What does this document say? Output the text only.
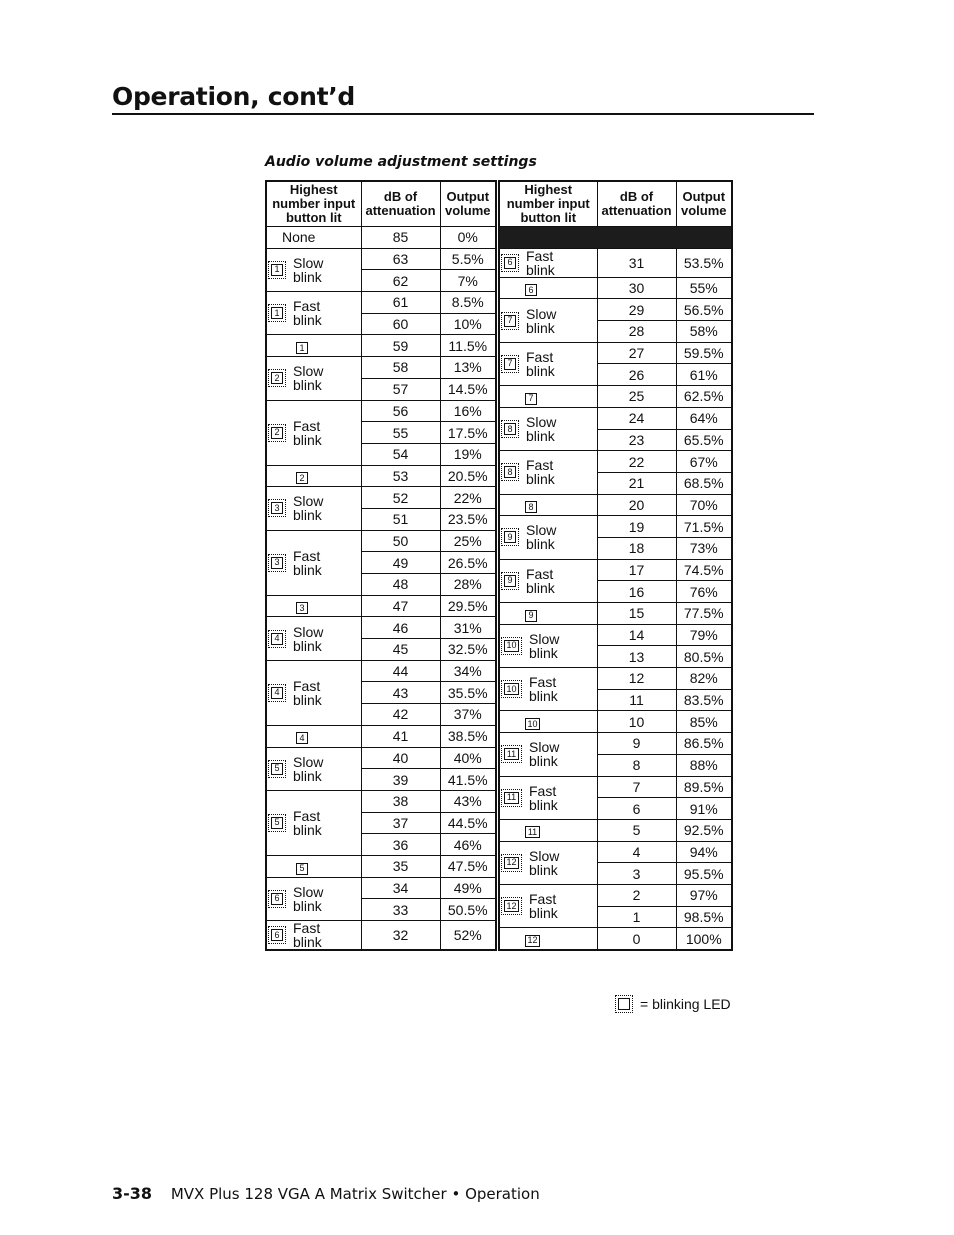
Operation, cont’d

Audio volume adjustment settings

Highest number input button lit	dB of attenuation	Output volume
None	85	0%

1 Slow blink	63	5.5%
	62	7%

1 Fast blink	61	8.5%
	60	10%
1	59	11.5%

2 Slow blink	58	13%
	57	14.5%

2 Fast blink	56	16%
	55	17.5%
	54	19%
2	53	20.5%

3 Slow blink	52	22%
	51	23.5%

3 Fast blink	50	25%
	49	26.5%
	48	28%
3	47	29.5%

4 Slow blink	46	31%
	45	32.5%

4 Fast blink	44	34%
	43	35.5%
	42	37%
4	41	38.5%

5 Slow blink	40	40%
	39	41.5%

5 Fast blink	38	43%
	37	44.5%
	36	46%
5	35	47.5%

6 Slow blink	34	49%
	33	50.5%

6 Fast blink	32	52%
Highest number input button lit	dB of attenuation	Output volume

6 Fast blink	31	53.5%
6	30	55%

7 Slow blink	29	56.5%
	28	58%

7 Fast blink	27	59.5%
	26	61%
7	25	62.5%

8 Slow blink	24	64%
	23	65.5%

8 Fast blink	22	67%
	21	68.5%
8	20	70%

9 Slow blink	19	71.5%
	18	73%

9 Fast blink	17	74.5%
	16	76%
9	15	77.5%

10 Slow blink	14	79%
	13	80.5%

10 Fast blink	12	82%
	11	83.5%
10	10	85%

11 Slow blink	9	86.5%
	8	88%

11 Fast blink	7	89.5%
	6	91%
11	5	92.5%

12 Slow blink	4	94%
	3	95.5%

12 Fast blink	2	97%
	1	98.5%
12	0	100%
= blinking LED
3-38 MVX Plus 128 VGA A Matrix Switcher • Operation
